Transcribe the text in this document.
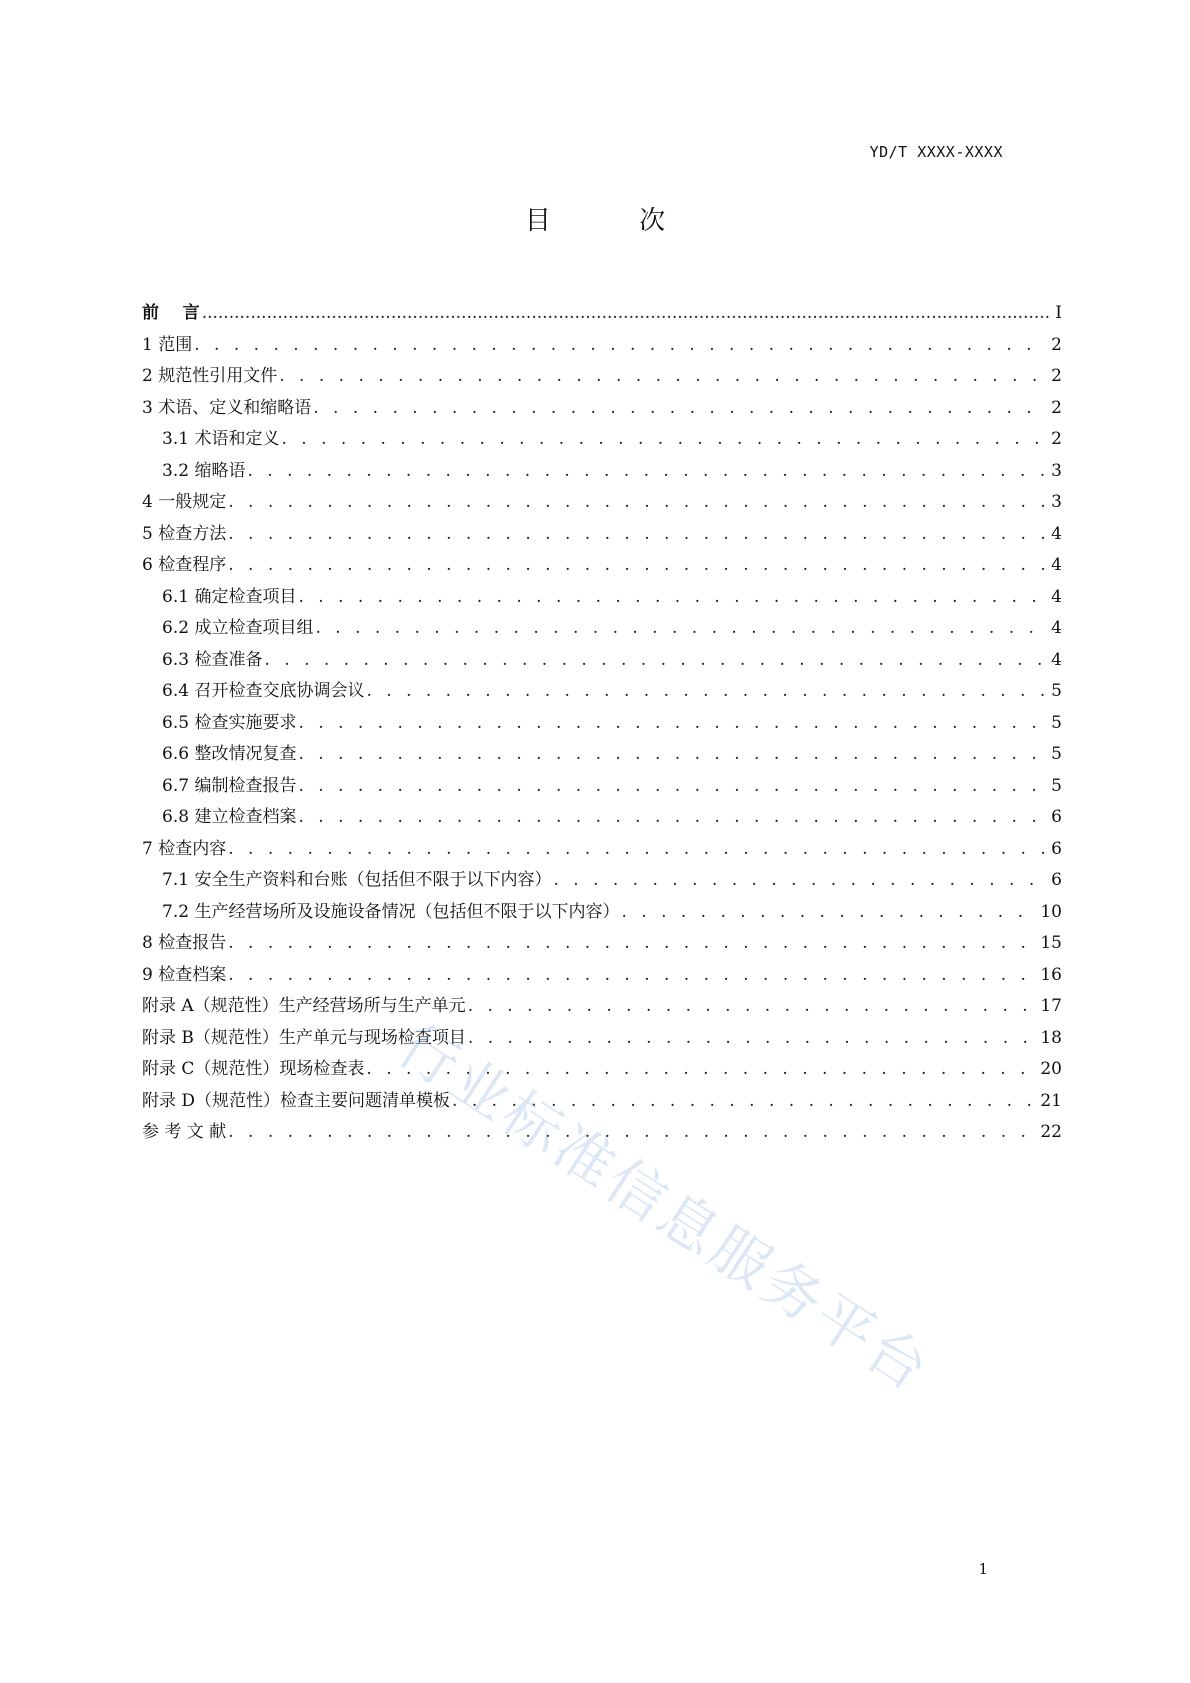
YD/T XXXX-XXXX
目 次
前    言 .....	I
1 范围 . . .	2
2 规范性引用文件 . . .	2
3 术语、定义和缩略语 . . .	2
3.1 术语和定义 . . .	2
3.2 缩略语 . . .	3
4 一般规定 . . .	3
5 检查方法 . . .	4
6 检查程序 . . .	4
6.1 确定检查项目 . . .	4
6.2 成立检查项目组 . . .	4
6.3 检查准备 . . .	4
6.4 召开检查交底协调会议 . . .	5
6.5 检查实施要求 . . .	5
6.6 整改情况复查 . . .	5
6.7 编制检查报告 . . .	5
6.8 建立检查档案 . . .	6
7 检查内容 . . .	6
7.1 安全生产资料和台账（包括但不限于以下内容） . . .	6
7.2 生产经营场所及设施设备情况（包括但不限于以下内容） . . .	10
8 检查报告 . . .	15
9 检查档案 . . .	16
附录 A（规范性）生产经营场所与生产单元 . . .	17
附录 B（规范性）生产单元与现场检查项目 . . .	18
附录 C（规范性）现场检查表 . . .	20
附录 D（规范性）检查主要问题清单模板 . . .	21
参 考 文 献 . . .	22
行业标准信息服务平台
1
